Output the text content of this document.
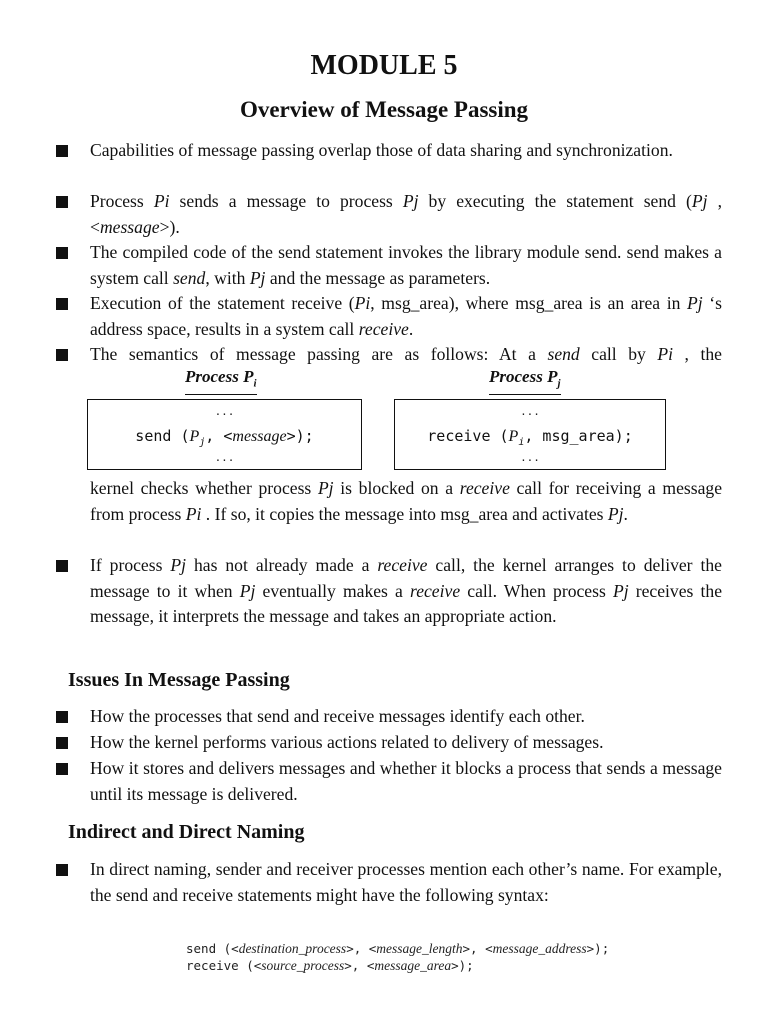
MODULE 5
Overview of Message Passing
Capabilities of message passing overlap those of data sharing and synchronization.
Process Pi sends a message to process Pj by executing the statement send (Pj ,<message>).
The compiled code of the send statement invokes the library module send. send makes a system call send, with Pj and the message as parameters.
Execution of the statement receive (Pi, msg_area), where msg_area is an area in Pj ‘s address space, results in a system call receive.
The semantics of message passing are as follows: At a send call by Pi , the
Process $P_i$	Process $P_j$
...
send ($P_j$, <message>);
...
...
receive ($P_i$, msg_area);
...
kernel checks whether process Pj is blocked on a receive call for receiving a message from process Pi . If so, it copies the message into msg_area and activates Pj.
If process Pj has not already made a receive call, the kernel arranges to deliver the message to it when Pj eventually makes a receive call. When process Pj receives the message, it interprets the message and takes an appropriate action.
Issues In Message Passing
How the processes that send and receive messages identify each other.
How the kernel performs various actions related to delivery of messages.
How it stores and delivers messages and whether it blocks a process that sends a message until its message is delivered.
Indirect and Direct Naming
In direct naming, sender and receiver processes mention each other’s name. For example, the send and receive statements might have the following syntax:
send (<destination_process>, <message_length>, <message_address>);
receive (<source_process>, <message_area>);
